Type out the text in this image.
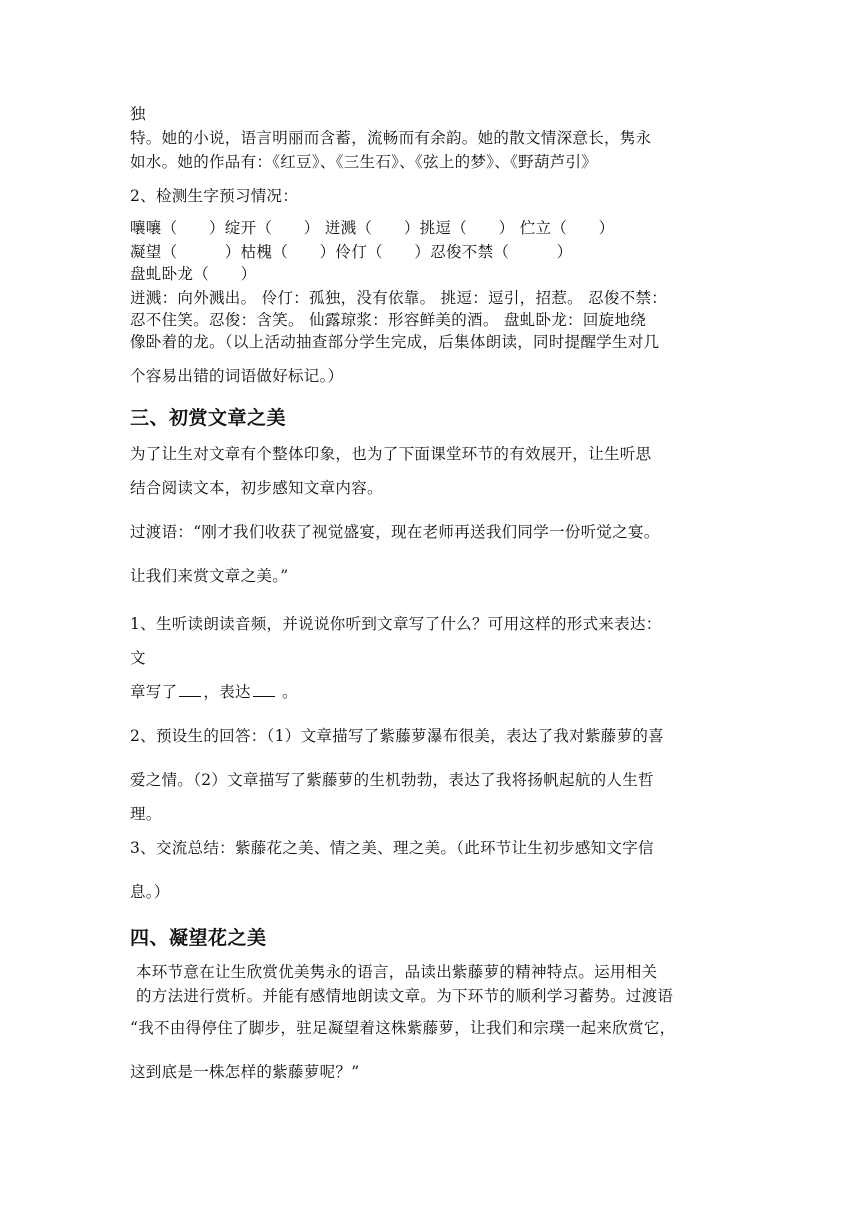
独
特。她的小说，语言明丽而含蓄，流畅而有余韵。她的散文情深意长，隽永
如水。她的作品有：《红豆》、《三生石》、《弦上的梦》、《野葫芦引》
2、检测生字预习情况：
嚷嚷（　　）绽开（　　） 迸溅（　　）挑逗（　　） 伫立（　　）
凝望（　　　）枯槐（　　）伶仃（　　）忍俊不禁（　　　）
盘虬卧龙（　　）
迸溅：向外溅出。 伶仃：孤独，没有依靠。 挑逗：逗引，招惹。 忍俊不禁：
忍不住笑。忍俊：含笑。 仙露琼浆：形容鲜美的酒。 盘虬卧龙：回旋地绕
像卧着的龙。（以上活动抽查部分学生完成，后集体朗读，同时提醒学生对几
个容易出错的词语做好标记。）
三、初赏文章之美
为了让生对文章有个整体印象，也为了下面课堂环节的有效展开，让生听思
结合阅读文本，初步感知文章内容。
过渡语：“刚才我们收获了视觉盛宴，现在老师再送我们同学一份听觉之宴。
让我们来赏文章之美。”
1、生听读朗读音频，并说说你听到文章写了什么？可用这样的形式来表达：
文
章写了 ，表达 。
2、预设生的回答：（1）文章描写了紫藤萝瀑布很美，表达了我对紫藤萝的喜
爱之情。（2）文章描写了紫藤萝的生机勃勃，表达了我将扬帆起航的人生哲
理。
3、交流总结：紫藤花之美、情之美、理之美。（此环节让生初步感知文字信
息。）
四、凝望花之美
本环节意在让生欣赏优美隽永的语言，品读出紫藤萝的精神特点。运用相关
的方法进行赏析。并能有感情地朗读文章。为下环节的顺利学习蓄势。过渡语
“我不由得停住了脚步，驻足凝望着这株紫藤萝，让我们和宗璞一起来欣赏它，
这到底是一株怎样的紫藤萝呢？”
